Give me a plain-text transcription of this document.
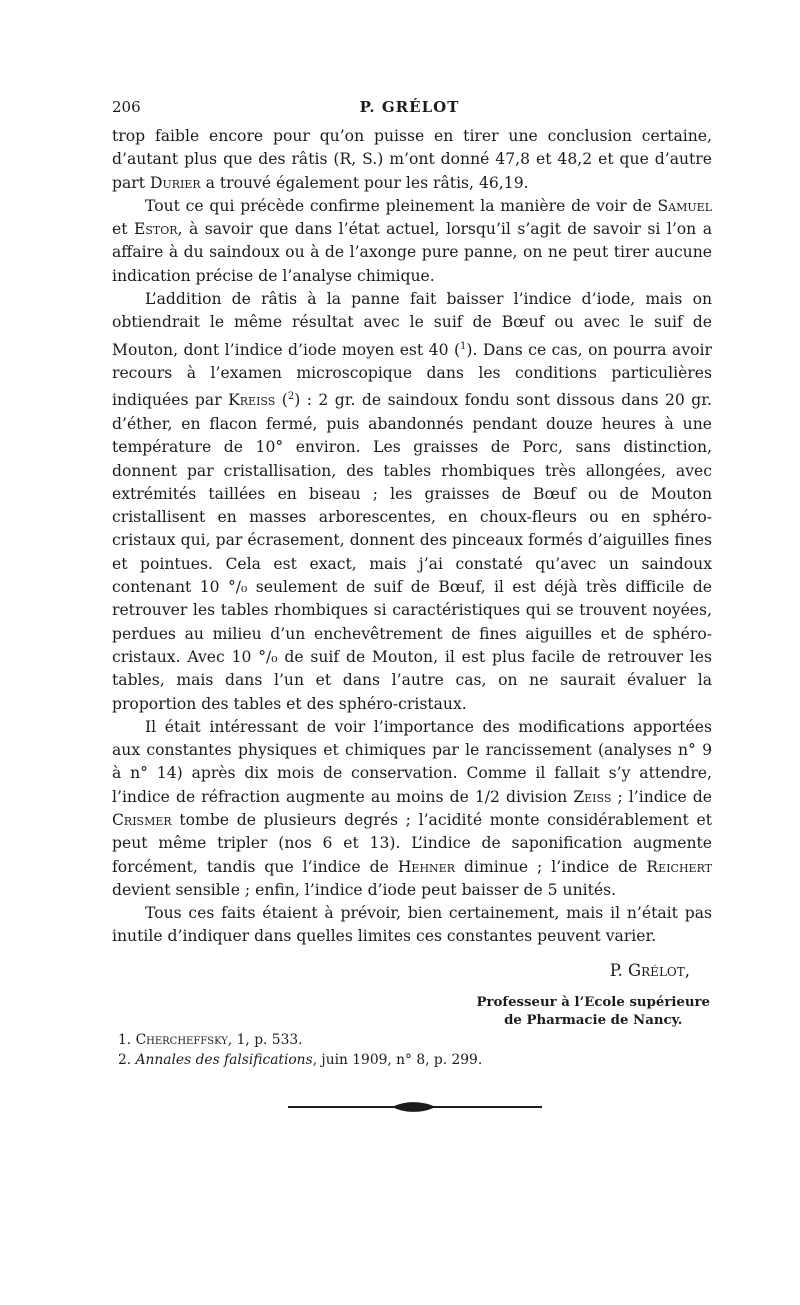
206	P. GRÉLOT

trop faible encore pour qu’on puisse en tirer une conclusion certaine, d’autant plus que des râtis (R, S.) m’ont donné 47,8 et 48,2 et que d’autre part Durier a trouvé également pour les râtis, 46,19.

Tout ce qui précède confirme pleinement la manière de voir de Samuel et Estor, à savoir que dans l’état actuel, lorsqu’il s’agit de savoir si l’on a affaire à du saindoux ou à de l’axonge pure panne, on ne peut tirer aucune indication précise de l’analyse chimique.

L’addition de râtis à la panne fait baisser l’indice d’iode, mais on obtiendrait le même résultat avec le suif de Bœuf ou avec le suif de Mouton, dont l’indice d’iode moyen est 40 ($^1$). Dans ce cas, on pourra avoir recours à l’examen microscopique dans les conditions particulières indiquées par Kreiss ($^2$) : 2 gr. de saindoux fondu sont dissous dans 20 gr. d’éther, en flacon fermé, puis abandonnés pendant douze heures à une température de 10° environ. Les graisses de Porc, sans distinction, donnent par cristallisation, des tables rhombiques très allongées, avec extrémités taillées en biseau ; les graisses de Bœuf ou de Mouton cristallisent en masses arborescentes, en choux-fleurs ou en sphéro-cristaux qui, par écrasement, donnent des pinceaux formés d’aiguilles fines et pointues. Cela est exact, mais j’ai constaté qu’avec un saindoux contenant 10 °/₀ seulement de suif de Bœuf, il est déjà très difficile de retrouver les tables rhombiques si caractéristiques qui se trouvent noyées, perdues au milieu d’un enchevêtrement de fines aiguilles et de sphéro-cristaux. Avec 10 °/₀ de suif de Mouton, il est plus facile de retrouver les tables, mais dans l’un et dans l’autre cas, on ne saurait évaluer la proportion des tables et des sphéro-cristaux.

Il était intéressant de voir l’importance des modifications apportées aux constantes physiques et chimiques par le rancissement (analyses n° 9 à n° 14) après dix mois de conservation. Comme il fallait s’y attendre, l’indice de réfraction augmente au moins de 1/2 division Zeiss ; l’indice de Crismer tombe de plusieurs degrés ; l’acidité monte considérablement et peut même tripler (nos 6 et 13). L’indice de saponification augmente forcément, tandis que l’indice de Hehner diminue ; l’indice de Reichert devient sensible ; enfin, l’indice d’iode peut baisser de 5 unités.

Tous ces faits étaient à prévoir, bien certainement, mais il n’était pas inutile d’indiquer dans quelles limites ces constantes peuvent varier.

P. Grélot,
Professeur à l’Ecole supérieure
de Pharmacie de Nancy.
1. Chercheffsky, 1, p. 533.
2. Annales des falsifications, juin 1909, n° 8, p. 299.
